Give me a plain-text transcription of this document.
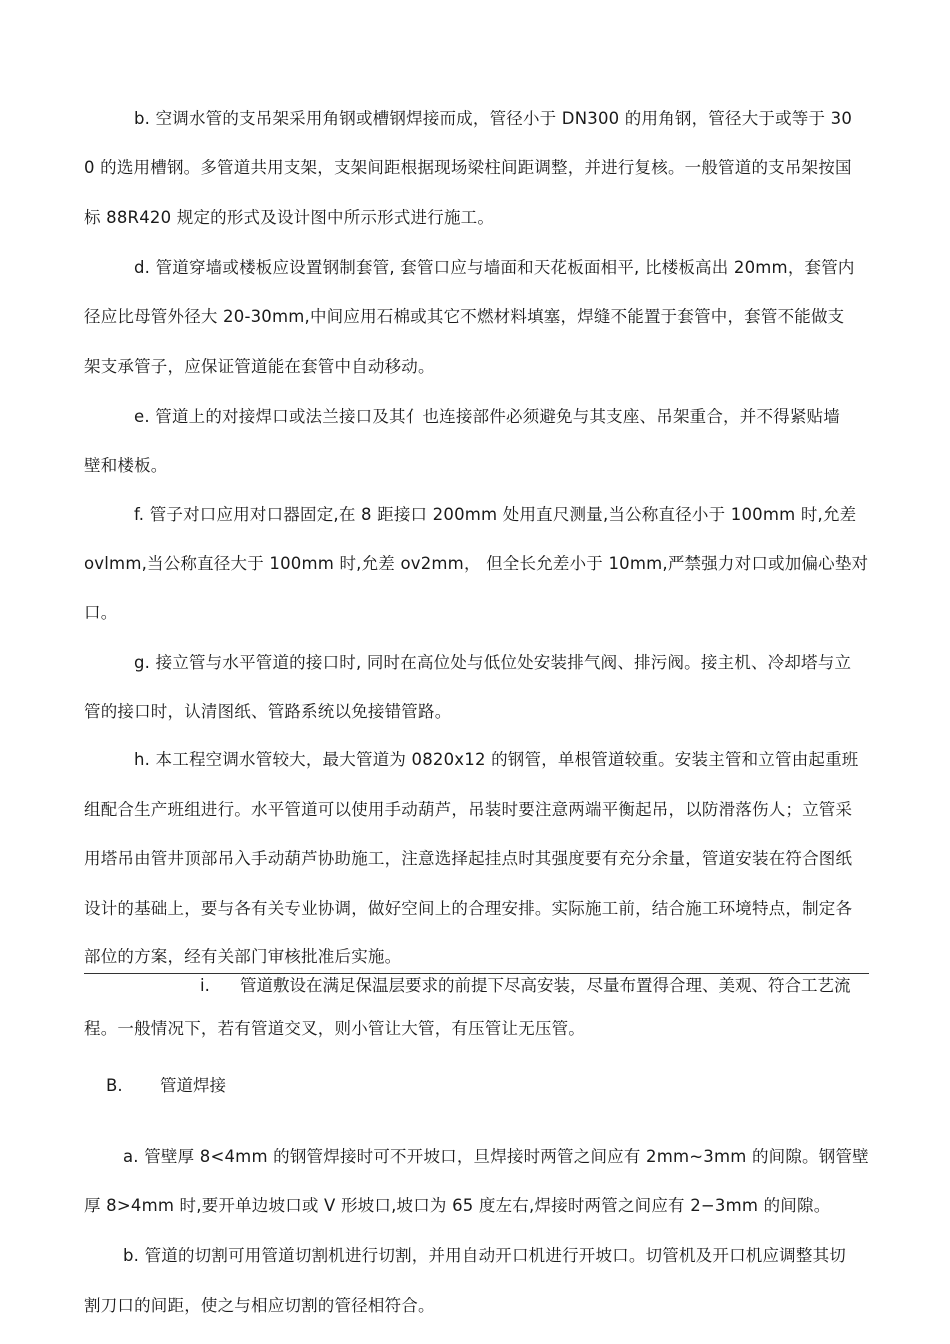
b. 空调水管的支吊架采用角钢或槽钢焊接而成，管径小于 DN300 的用角钢，管径大于或等于 30
0 的选用槽钢。多管道共用支架，支架间距根据现场梁柱间距调整，并进行复核。一般管道的支吊架按国
标 88R420 规定的形式及设计图中所示形式进行施工。
d. 管道穿墙或楼板应设置钢制套管, 套管口应与墙面和天花板面相平, 比楼板高出 20mm，套管内
径应比母管外径大 20-30mm,中间应用石棉或其它不燃材料填塞，焊缝不能置于套管中，套管不能做支
架支承管子，应保证管道能在套管中自动移动。
e. 管道上的对接焊口或法兰接口及其亻也连接部件必须避免与其支座、吊架重合，并不得紧贴墙
壁和楼板。
f. 管子对口应用对口器固定,在 8 距接口 200mm 处用直尺测量,当公称直径小于 100mm 时,允差
ovlmm,当公称直径大于 100mm 时,允差 ov2mm， 但全长允差小于 10mm,严禁强力对口或加偏心垫对
口。
g. 接立管与水平管道的接口时, 同时在高位处与低位处安装排气阀、排污阀。接主机、冷却塔与立
管的接口时，认清图纸、管路系统以免接错管路。
h. 本工程空调水管较大，最大管道为 0820x12 的钢管，单根管道较重。安装主管和立管由起重班
组配合生产班组进行。水平管道可以使用手动葫芦，吊装时要注意两端平衡起吊，以防滑落伤人；立管采
用塔吊由管井顶部吊入手动葫芦协助施工，注意选择起挂点时其强度要有充分余量，管道安装在符合图纸
设计的基础上，要与各有关专业协调，做好空间上的合理安排。实际施工前，结合施工环境特点，制定各
部位的方案，经有关部门审核批准后实施。
i. 管道敷设在满足保温层要求的前提下尽高安装，尽量布置得合理、美观、符合工艺流
程。一般情况下，若有管道交叉，则小管让大管，有压管让无压管。
B. 管道焊接
a. 管壁厚 8<4mm 的钢管焊接时可不开坡口，旦焊接时两管之间应有 2mm~3mm 的间隙。钢管壁
厚 8>4mm 时,要开单边坡口或 V 形坡口,坡口为 65 度左右,焊接时两管之间应有 2−3mm 的间隙。
b. 管道的切割可用管道切割机进行切割，并用自动开口机进行开坡口。切管机及开口机应调整其切
割刀口的间距，使之与相应切割的管径相符合。
